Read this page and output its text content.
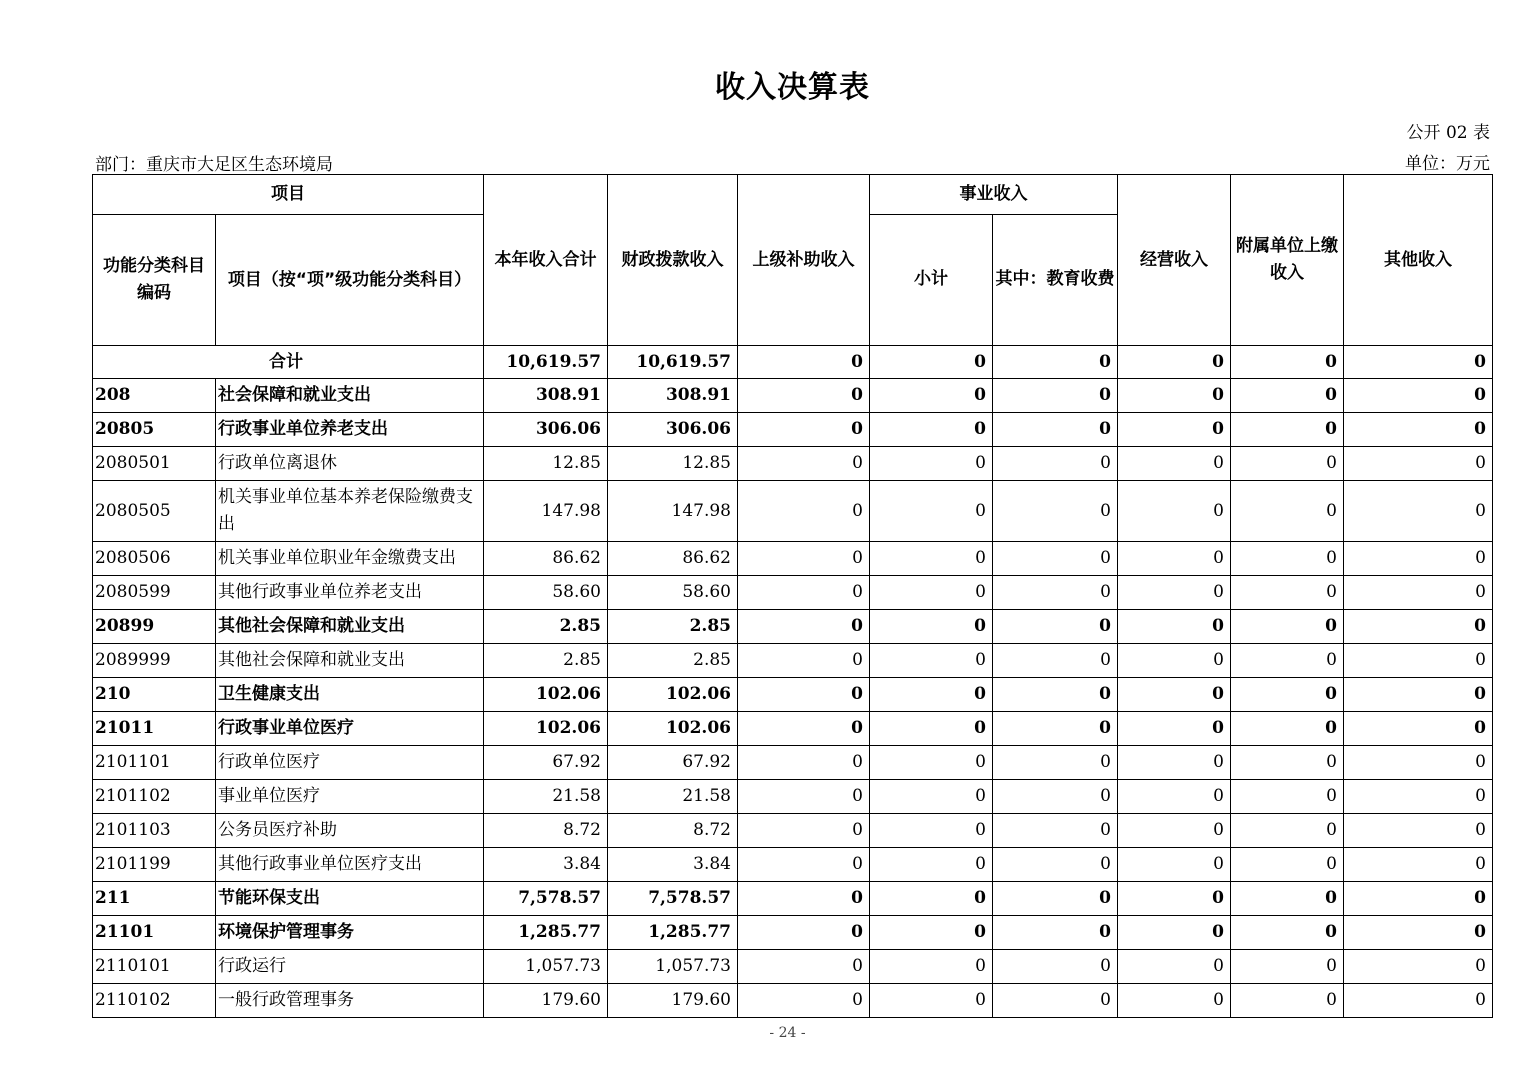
收入决算表
公开 02 表
部门：重庆市大足区生态环境局	单位：万元
项目		本年收入合计	财政拨款收入	上级补助收入	事业收入		经营收入	附属单位上缴收入	其他收入
功能分类科目编码	项目（按“项”级功能分类科目）				小计	其中：教育收费			
合计		10,619.57	10,619.57	0	0	0	0	0	0
208	社会保障和就业支出	308.91	308.91	0	0	0	0	0	0
20805	行政事业单位养老支出	306.06	306.06	0	0	0	0	0	0
2080501	行政单位离退休	12.85	12.85	0	0	0	0	0	0
2080505	机关事业单位基本养老保险缴费支出	147.98	147.98	0	0	0	0	0	0
2080506	机关事业单位职业年金缴费支出	86.62	86.62	0	0	0	0	0	0
2080599	其他行政事业单位养老支出	58.60	58.60	0	0	0	0	0	0
20899	其他社会保障和就业支出	2.85	2.85	0	0	0	0	0	0
2089999	其他社会保障和就业支出	2.85	2.85	0	0	0	0	0	0
210	卫生健康支出	102.06	102.06	0	0	0	0	0	0
21011	行政事业单位医疗	102.06	102.06	0	0	0	0	0	0
2101101	行政单位医疗	67.92	67.92	0	0	0	0	0	0
2101102	事业单位医疗	21.58	21.58	0	0	0	0	0	0
2101103	公务员医疗补助	8.72	8.72	0	0	0	0	0	0
2101199	其他行政事业单位医疗支出	3.84	3.84	0	0	0	0	0	0
211	节能环保支出	7,578.57	7,578.57	0	0	0	0	0	0
21101	环境保护管理事务	1,285.77	1,285.77	0	0	0	0	0	0
2110101	行政运行	1,057.73	1,057.73	0	0	0	0	0	0
2110102	一般行政管理事务	179.60	179.60	0	0	0	0	0	0
- 24 -
